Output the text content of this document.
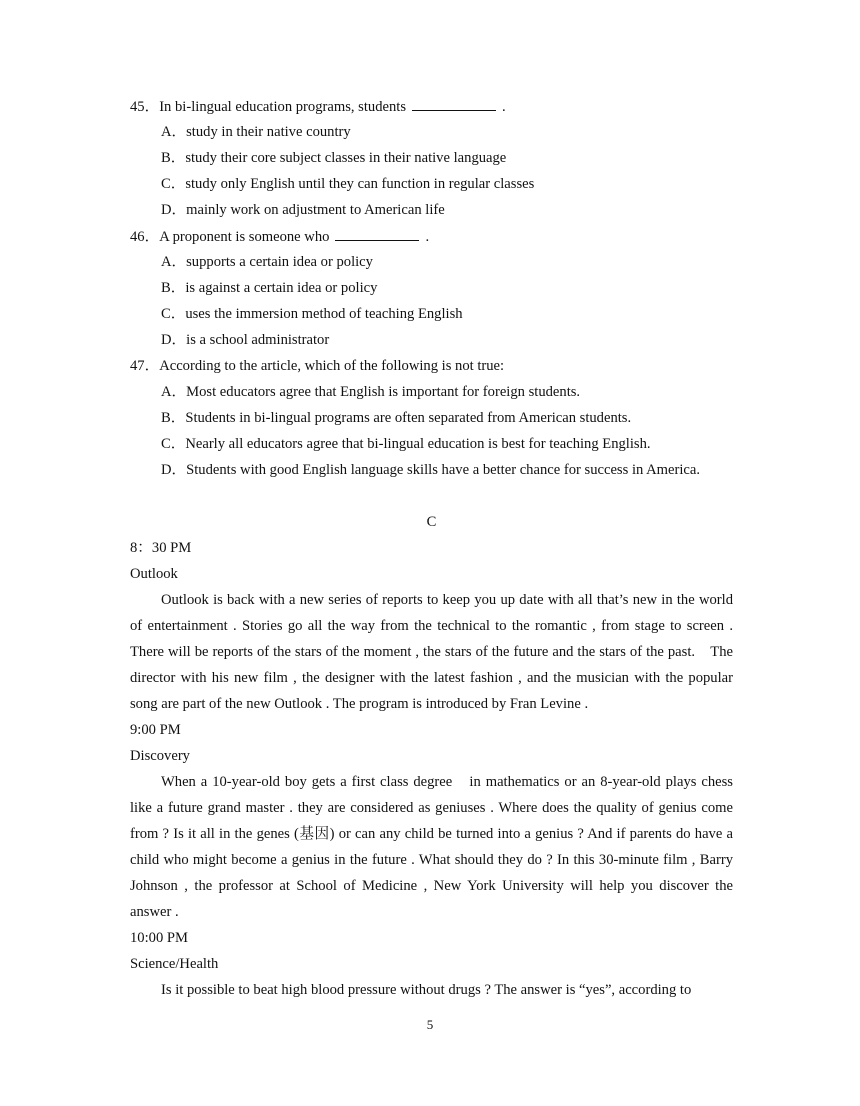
45．In bi-lingual education programs, students	.
A．study in their native country
B．study their core subject classes in their native language
C．study only English until they can function in regular classes
D．mainly work on adjustment to American life
46．A proponent is someone who	.
A．supports a certain idea or policy
B．is against a certain idea or policy
C．uses the immersion method of teaching English
D．is a school administrator
47．According to the article, which of the following is not true:
A．Most educators agree that English is important for foreign students.
B．Students in bi-lingual programs are often separated from American students.
C．Nearly all educators agree that bi-lingual education is best for teaching English.
D．Students with good English language skills have a better chance for success in America.
C
8：30 PM
Outlook
Outlook is back with a new series of reports to keep you up date with all that’s new in the world of entertainment . Stories go all the way from the technical to the romantic , from stage to screen . There will be reports of the stars of the moment , the stars of the future and the stars of the past.　The director with his new film , the designer with the latest fashion , and the musician with the popular song are part of the new Outlook . The program is introduced by Fran Levine .
9:00 PM
Discovery
When a 10-year-old boy gets a first class degree　in mathematics or an 8-year-old plays chess like a future grand master . they are considered as geniuses . Where does the quality of genius come from ? Is it all in the genes (基因) or can any child be turned into a genius ? And if parents do have a child who might become a genius in the future . What should they do ? In this 30-minute film , Barry Johnson , the professor at School of Medicine , New York University will help you discover the answer .
10:00 PM
Science/Health
Is it possible to beat high blood pressure without drugs ? The answer is “yes”, according to
5
